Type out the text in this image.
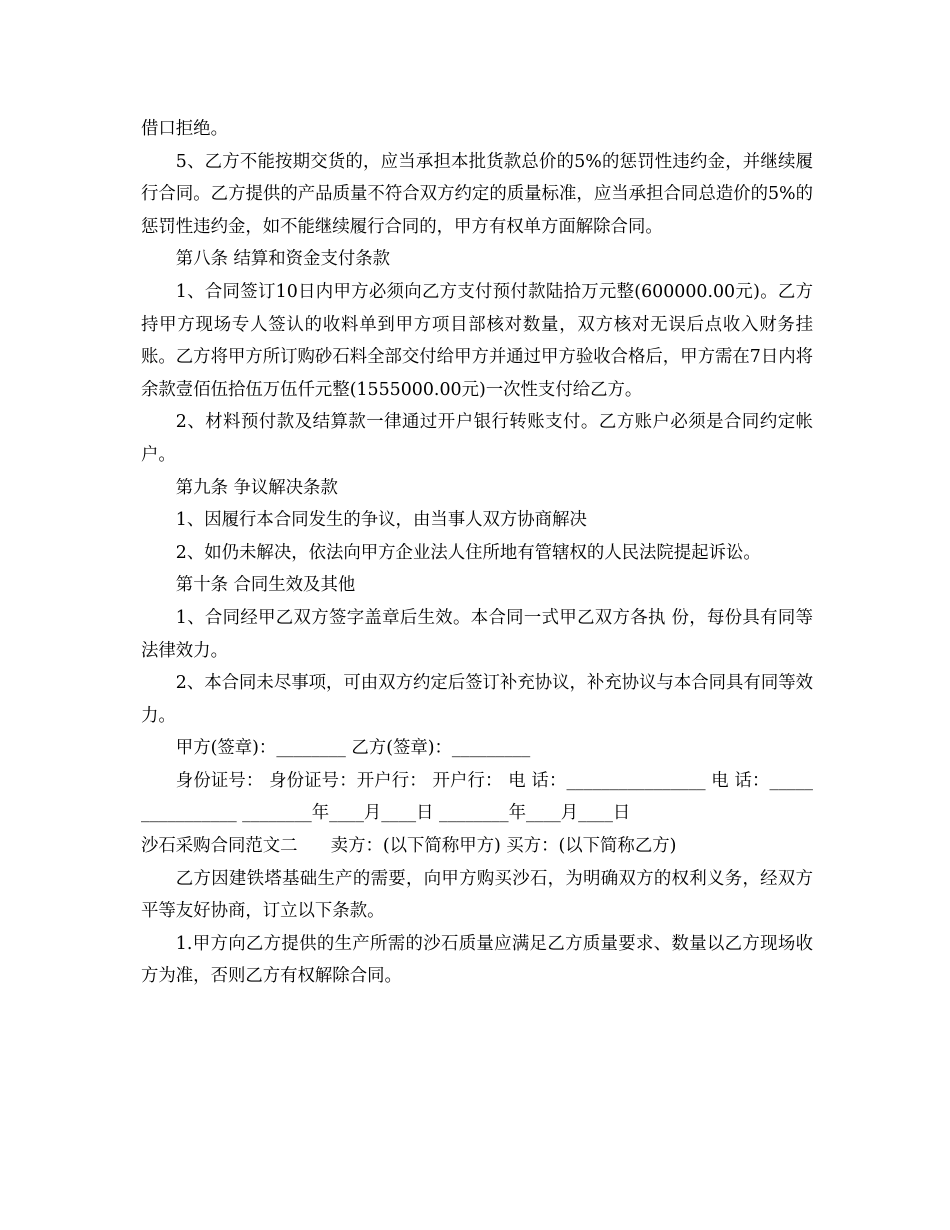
借口拒绝。

5、乙方不能按期交货的，应当承担本批货款总价的5%的惩罚性违约金，并继续履行合同。乙方提供的产品质量不符合双方约定的质量标准，应当承担合同总造价的5%的惩罚性违约金，如不能继续履行合同的，甲方有权单方面解除合同。

第八条 结算和资金支付条款

1、合同签订10日内甲方必须向乙方支付预付款陆拾万元整(600000.00元)。乙方持甲方现场专人签认的收料单到甲方项目部核对数量，双方核对无误后点收入财务挂账。乙方将甲方所订购砂石料全部交付给甲方并通过甲方验收合格后，甲方需在7日内将余款壹佰伍拾伍万伍仟元整(1555000.00元)一次性支付给乙方。

2、材料预付款及结算款一律通过开户银行转账支付。乙方账户必须是合同约定帐户。

第九条 争议解决条款

1、因履行本合同发生的争议，由当事人双方协商解决

2、如仍未解决，依法向甲方企业法人住所地有管辖权的人民法院提起诉讼。

第十条 合同生效及其他

1、合同经甲乙双方签字盖章后生效。本合同一式甲乙双方各执 份，每份具有同等法律效力。

2、本合同未尽事项，可由双方约定后签订补充协议，补充协议与本合同具有同等效力。

甲方(签章)：________ 乙方(签章)：_________

身份证号： 身份证号：开户行： 开户行： 电 话：________________ 电 话：________________ ________年____月____日 ________年____月____日

沙石采购合同范文二      卖方：(以下简称甲方) 买方：(以下简称乙方)

乙方因建铁塔基础生产的需要，向甲方购买沙石，为明确双方的权利义务，经双方平等友好协商，订立以下条款。

1.甲方向乙方提供的生产所需的沙石质量应满足乙方质量要求、数量以乙方现场收方为准，否则乙方有权解除合同。
